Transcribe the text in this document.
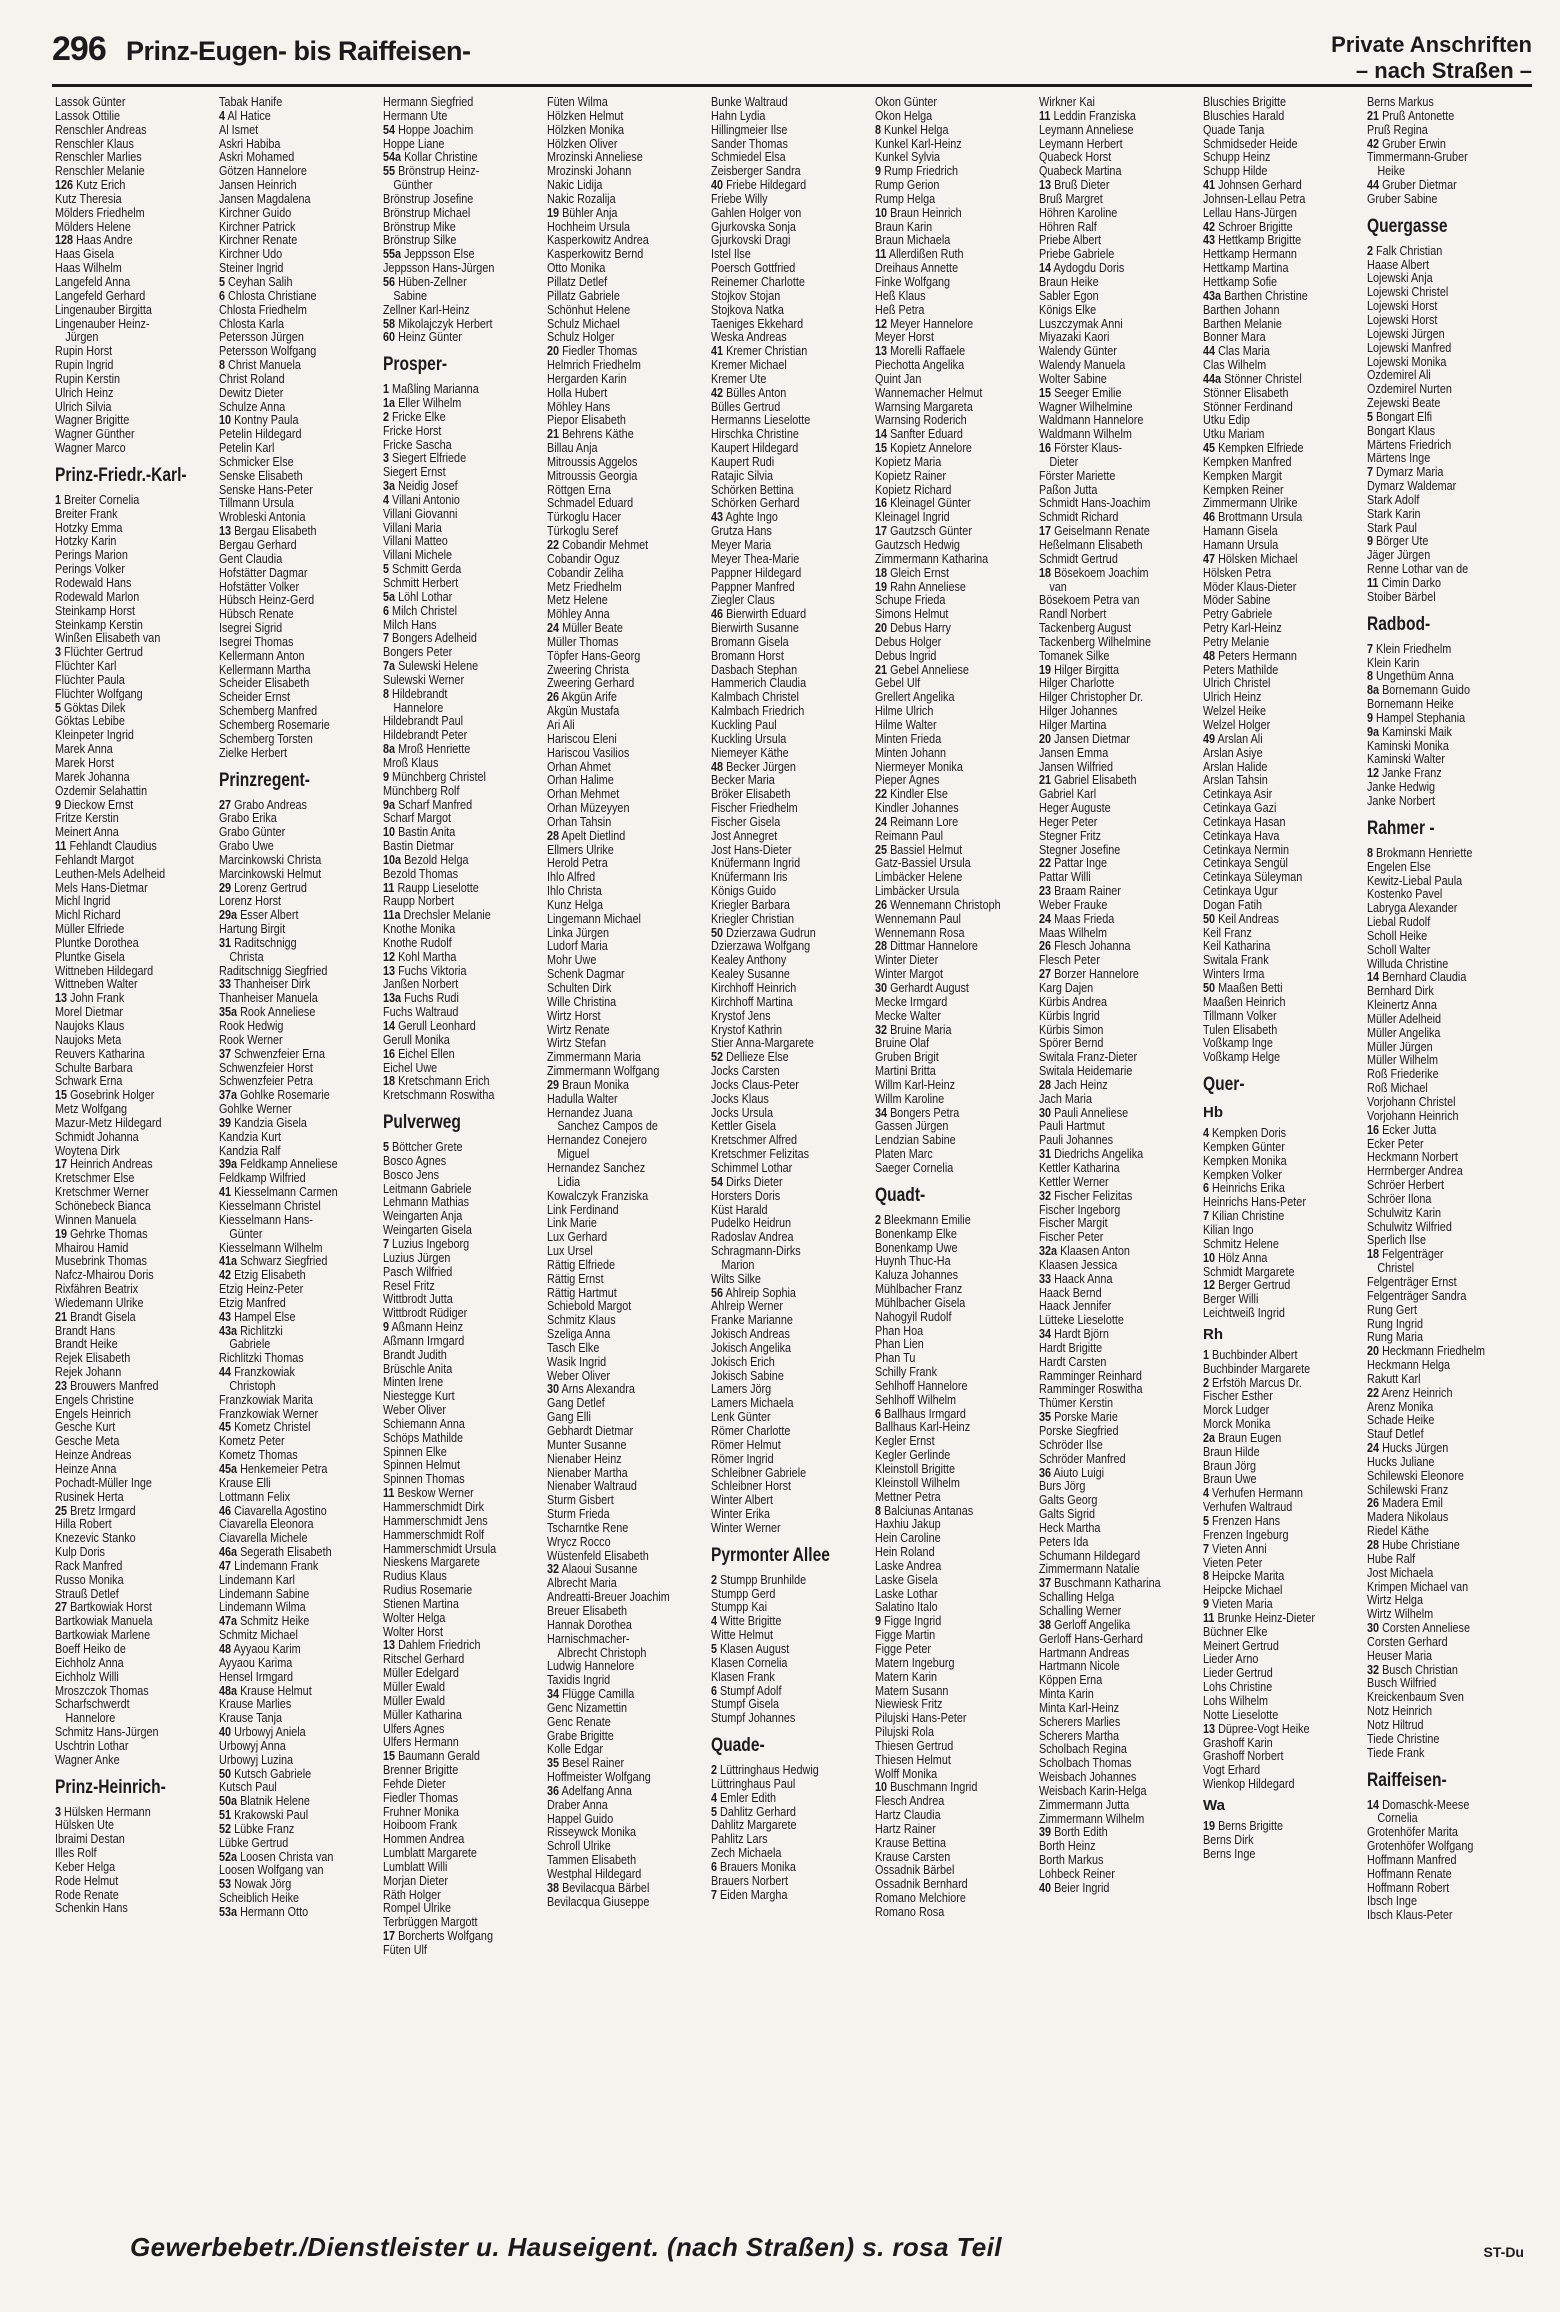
296 Prinz-Eugen- bis Raiffeisen-	Private Anschriften
– nach Straßen –
Lassok Günter
Lassok Ottilie
Renschler Andreas
Renschler Klaus
Renschler Marlies
Renschler Melanie
126 Kutz Erich
Kutz Theresia
Mölders Friedhelm
Mölders Helene
128 Haas Andre
Haas Gisela
Haas Wilhelm
Langefeld Anna
Langefeld Gerhard
Lingenauber Birgitta
Lingenauber Heinz-
Jürgen
Rupin Horst
Rupin Ingrid
Rupin Kerstin
Ulrich Heinz
Ulrich Silvia
Wagner Brigitte
Wagner Günther
Wagner Marco
Prinz-Friedr.-Karl-
1 Breiter Cornelia
Breiter Frank
Hotzky Emma
Hotzky Karin
Perings Marion
Perings Volker
Rodewald Hans
Rodewald Marlon
Steinkamp Horst
Steinkamp Kerstin
Winßen Elisabeth van
3 Flüchter Gertrud
Flüchter Karl
Flüchter Paula
Flüchter Wolfgang
5 Göktas Dilek
Göktas Lebibe
Kleinpeter Ingrid
Marek Anna
Marek Horst
Marek Johanna
Özdemir Selahattin
9 Dieckow Ernst
Fritze Kerstin
Meinert Anna
11 Fehlandt Claudius
Fehlandt Margot
Leuthen-Mels Adelheid
Mels Hans-Dietmar
Michl Ingrid
Michl Richard
Müller Elfriede
Pluntke Dorothea
Pluntke Gisela
Wittneben Hildegard
Wittneben Walter
13 John Frank
Morel Dietmar
Naujoks Klaus
Naujoks Meta
Reuvers Katharina
Schulte Barbara
Schwark Erna
15 Gosebrink Holger
Metz Wolfgang
Mazur-Metz Hildegard
Schmidt Johanna
Woytena Dirk
17 Heinrich Andreas
Kretschmer Else
Kretschmer Werner
Schönebeck Bianca
Winnen Manuela
19 Gehrke Thomas
Mhairou Hamid
Musebrink Thomas
Nafcz-Mhairou Doris
Rixfähren Beatrix
Wiedemann Ulrike
21 Brandt Gisela
Brandt Hans
Brandt Heike
Rejek Elisabeth
Rejek Johann
23 Brouwers Manfred
Engels Christine
Engels Heinrich
Gesche Kurt
Gesche Meta
Heinze Andreas
Heinze Anna
Pochadt-Müller Inge
Rusinek Herta
25 Bretz Irmgard
Hilla Robert
Knezevic Stanko
Kulp Doris
Rack Manfred
Russo Monika
Strauß Detlef
27 Bartkowiak Horst
Bartkowiak Manuela
Bartkowiak Marlene
Boeff Heiko de
Eichholz Anna
Eichholz Willi
Mroszczok Thomas
Scharfschwerdt
Hannelore
Schmitz Hans-Jürgen
Uschtrin Lothar
Wagner Anke
Prinz-Heinrich-
3 Hülsken Hermann
Hülsken Ute
Ibraimi Destan
Illes Rolf
Keber Helga
Rode Helmut
Rode Renate
Schenkin Hans
Tabak Hanife
4 Al Hatice
Al Ismet
Askri Habiba
Askri Mohamed
Götzen Hannelore
Jansen Heinrich
Jansen Magdalena
Kirchner Guido
Kirchner Patrick
Kirchner Renate
Kirchner Udo
Steiner Ingrid
5 Ceyhan Salih
6 Chlosta Christiane
Chlosta Friedhelm
Chlosta Karla
Petersson Jürgen
Petersson Wolfgang
8 Christ Manuela
Christ Roland
Dewitz Dieter
Schulze Anna
10 Kontny Paula
Petelin Hildegard
Petelin Karl
Schmicker Else
Senske Elisabeth
Senske Hans-Peter
Tillmann Ursula
Wrobleski Antonia
13 Bergau Elisabeth
Bergau Gerhard
Gent Claudia
Hofstätter Dagmar
Hofstätter Volker
Hübsch Heinz-Gerd
Hübsch Renate
Isegrei Sigrid
Isegrei Thomas
Kellermann Anton
Kellermann Martha
Scheider Elisabeth
Scheider Ernst
Schemberg Manfred
Schemberg Rosemarie
Schemberg Torsten
Zielke Herbert
Prinzregent-
27 Grabo Andreas
Grabo Erika
Grabo Günter
Grabo Uwe
Marcinkowski Christa
Marcinkowski Helmut
29 Lorenz Gertrud
Lorenz Horst
29a Esser Albert
Hartung Birgit
31 Raditschnigg
Christa
Raditschnigg Siegfried
33 Thanheiser Dirk
Thanheiser Manuela
35a Rook Anneliese
Rook Hedwig
Rook Werner
37 Schwenzfeier Erna
Schwenzfeier Horst
Schwenzfeier Petra
37a Gohlke Rosemarie
Gohlke Werner
39 Kandzia Gisela
Kandzia Kurt
Kandzia Ralf
39a Feldkamp Anneliese
Feldkamp Wilfried
41 Kiesselmann Carmen
Kiesselmann Christel
Kiesselmann Hans-
Günter
Kiesselmann Wilhelm
41a Schwarz Siegfried
42 Etzig Elisabeth
Etzig Heinz-Peter
Etzig Manfred
43 Hampel Else
43a Richlitzki
Gabriele
Richlitzki Thomas
44 Franzkowiak
Christoph
Franzkowiak Marita
Franzkowiak Werner
45 Kometz Christel
Kometz Peter
Kometz Thomas
45a Henkemeier Petra
Krause Elli
Lottmann Felix
46 Ciavarella Agostino
Ciavarella Eleonora
Ciavarella Michele
46a Segerath Elisabeth
47 Lindemann Frank
Lindemann Karl
Lindemann Sabine
Lindemann Wilma
47a Schmitz Heike
Schmitz Michael
48 Ayyaou Karim
Ayyaou Karima
Hensel Irmgard
48a Krause Helmut
Krause Marlies
Krause Tanja
40 Urbowyj Aniela
Urbowyj Anna
Urbowyj Luzina
50 Kutsch Gabriele
Kutsch Paul
50a Blatnik Helene
51 Krakowski Paul
52 Lübke Franz
Lübke Gertrud
52a Loosen Christa van
Loosen Wolfgang van
53 Nowak Jörg
Scheiblich Heike
53a Hermann Otto
Hermann Siegfried
Hermann Ute
54 Hoppe Joachim
Hoppe Liane
54a Kollar Christine
55 Brönstrup Heinz-
Günther
Brönstrup Josefine
Brönstrup Michael
Brönstrup Mike
Brönstrup Silke
55a Jeppsson Else
Jeppsson Hans-Jürgen
56 Hüben-Zellner
Sabine
Zellner Karl-Heinz
58 Mikolajczyk Herbert
60 Heinz Günter
Prosper-
1 Maßling Marianna
1a Eller Wilhelm
2 Fricke Elke
Fricke Horst
Fricke Sascha
3 Siegert Elfriede
Siegert Ernst
3a Neidig Josef
4 Villani Antonio
Villani Giovanni
Villani Maria
Villani Matteo
Villani Michele
5 Schmitt Gerda
Schmitt Herbert
5a Löhl Lothar
6 Milch Christel
Milch Hans
7 Bongers Adelheid
Bongers Peter
7a Sulewski Helene
Sulewski Werner
8 Hildebrandt
Hannelore
Hildebrandt Paul
Hildebrandt Peter
8a Mroß Henriette
Mroß Klaus
9 Münchberg Christel
Münchberg Rolf
9a Scharf Manfred
Scharf Margot
10 Bastin Anita
Bastin Dietmar
10a Bezold Helga
Bezold Thomas
11 Raupp Lieselotte
Raupp Norbert
11a Drechsler Melanie
Knothe Monika
Knothe Rudolf
12 Kohl Martha
13 Fuchs Viktoria
Janßen Norbert
13a Fuchs Rudi
Fuchs Waltraud
14 Gerull Leonhard
Gerull Monika
16 Eichel Ellen
Eichel Uwe
18 Kretschmann Erich
Kretschmann Roswitha
Pulverweg
5 Böttcher Grete
Bosco Agnes
Bosco Jens
Leitmann Gabriele
Lehmann Mathias
Weingarten Anja
Weingarten Gisela
7 Luzius Ingeborg
Luzius Jürgen
Pasch Wilfried
Resel Fritz
Wittbrodt Jutta
Wittbrodt Rüdiger
9 Aßmann Heinz
Aßmann Irmgard
Brandt Judith
Brüschle Anita
Minten Irene
Niestegge Kurt
Weber Oliver
Schiemann Anna
Schöps Mathilde
Spinnen Elke
Spinnen Helmut
Spinnen Thomas
11 Beskow Werner
Hammerschmidt Dirk
Hammerschmidt Jens
Hammerschmidt Rolf
Hammerschmidt Ursula
Nieskens Margarete
Rudius Klaus
Rudius Rosemarie
Stienen Martina
Wolter Helga
Wolter Horst
13 Dahlem Friedrich
Ritschel Gerhard
Müller Edelgard
Müller Ewald
Müller Ewald
Müller Katharina
Ulfers Agnes
Ulfers Hermann
15 Baumann Gerald
Brenner Brigitte
Fehde Dieter
Fiedler Thomas
Fruhner Monika
Hoiboom Frank
Hommen Andrea
Lumblatt Margarete
Lumblatt Willi
Morjan Dieter
Räth Holger
Rompel Ulrike
Terbrüggen Margott
17 Borcherts Wolfgang
Füten Ulf
Füten Wilma
Hölzken Helmut
Hölzken Monika
Hölzken Oliver
Mrozinski Anneliese
Mrozinski Johann
Nakic Lidija
Nakic Rozalija
19 Bühler Anja
Hochheim Ursula
Kasperkowitz Andrea
Kasperkowitz Bernd
Otto Monika
Pillatz Detlef
Pillatz Gabriele
Schönhut Helene
Schulz Michael
Schulz Holger
20 Fiedler Thomas
Helmrich Friedhelm
Hergarden Karin
Holla Hubert
Möhley Hans
Piepor Elisabeth
21 Behrens Käthe
Billau Anja
Mitroussis Aggelos
Mitroussis Georgia
Röttgen Erna
Schmadel Eduard
Türkoglu Hacer
Türkoglu Seref
22 Cobandir Mehmet
Cobandir Oguz
Cobandir Zeliha
Metz Friedhelm
Metz Helene
Möhley Anna
24 Müller Beate
Müller Thomas
Töpfer Hans-Georg
Zweering Christa
Zweering Gerhard
26 Akgün Arife
Akgün Mustafa
Ari Ali
Hariscou Eleni
Hariscou Vasilios
Orhan Ahmet
Orhan Halime
Orhan Mehmet
Orhan Müzeyyen
Orhan Tahsin
28 Apelt Dietlind
Ellmers Ulrike
Herold Petra
Ihlo Alfred
Ihlo Christa
Kunz Helga
Lingemann Michael
Linka Jürgen
Ludorf Maria
Mohr Uwe
Schenk Dagmar
Schulten Dirk
Wille Christina
Wirtz Horst
Wirtz Renate
Wirtz Stefan
Zimmermann Maria
Zimmermann Wolfgang
29 Braun Monika
Hadulla Walter
Hernandez Juana
Sanchez Campos de
Hernandez Conejero
Miguel
Hernandez Sanchez
Lidia
Kowalczyk Franziska
Link Ferdinand
Link Marie
Lux Gerhard
Lux Ursel
Rättig Elfriede
Rättig Ernst
Rättig Hartmut
Schiebold Margot
Schmitz Klaus
Szeliga Anna
Tasch Elke
Wasik Ingrid
Weber Oliver
30 Arns Alexandra
Gang Detlef
Gang Elli
Gebhardt Dietmar
Munter Susanne
Nienaber Heinz
Nienaber Martha
Nienaber Waltraud
Sturm Gisbert
Sturm Frieda
Tscharntke Rene
Wrycz Rocco
Wüstenfeld Elisabeth
32 Alaoui Susanne
Albrecht Maria
Andreatti-Breuer Joachim
Breuer Elisabeth
Hannak Dorothea
Harnischmacher-
Albrecht Christoph
Ludwig Hannelore
Taxidis Ingrid
34 Flügge Camilla
Genc Nizamettin
Genc Renate
Grabe Brigitte
Kolle Edgar
35 Besel Rainer
Hoffmeister Wolfgang
36 Adelfang Anna
Draber Anna
Happel Guido
Risseywck Monika
Schroll Ulrike
Tammen Elisabeth
Westphal Hildegard
38 Bevilacqua Bärbel
Bevilacqua Giuseppe
Bunke Waltraud
Hahn Lydia
Hillingmeier Ilse
Sander Thomas
Schmiedel Elsa
Zeisberger Sandra
40 Friebe Hildegard
Friebe Willy
Gahlen Holger von
Gjurkovska Sonja
Gjurkovski Dragi
Istel Ilse
Poersch Gottfried
Reinemer Charlotte
Stojkov Stojan
Stojkova Natka
Taeniges Ekkehard
Weska Andreas
41 Kremer Christian
Kremer Michael
Kremer Ute
42 Bülles Anton
Bülles Gertrud
Hermanns Lieselotte
Hirschka Christine
Kaupert Hildegard
Kaupert Rudi
Ratajic Silvia
Schörken Bettina
Schörken Gerhard
43 Aghte Ingo
Grutza Hans
Meyer Maria
Meyer Thea-Marie
Pappner Hildegard
Pappner Manfred
Ziegler Claus
46 Bierwirth Eduard
Bierwirth Susanne
Bromann Gisela
Bromann Horst
Dasbach Stephan
Hammerich Claudia
Kalmbach Christel
Kalmbach Friedrich
Kuckling Paul
Kuckling Ursula
Niemeyer Käthe
48 Becker Jürgen
Becker Maria
Bröker Elisabeth
Fischer Friedhelm
Fischer Gisela
Jost Annegret
Jost Hans-Dieter
Knüfermann Ingrid
Knüfermann Iris
Königs Guido
Kriegler Barbara
Kriegler Christian
50 Dzierzawa Gudrun
Dzierzawa Wolfgang
Kealey Anthony
Kealey Susanne
Kirchhoff Heinrich
Kirchhoff Martina
Krystof Jens
Krystof Kathrin
Stier Anna-Margarete
52 Dellieze Else
Jocks Carsten
Jocks Claus-Peter
Jocks Klaus
Jocks Ursula
Kettler Gisela
Kretschmer Alfred
Kretschmer Felizitas
Schimmel Lothar
54 Dirks Dieter
Horsters Doris
Küst Harald
Pudelko Heidrun
Radoslav Andrea
Schragmann-Dirks
Marion
Wilts Silke
56 Ahlreip Sophia
Ahlreip Werner
Franke Marianne
Jokisch Andreas
Jokisch Angelika
Jokisch Erich
Jokisch Sabine
Lamers Jörg
Lamers Michaela
Lenk Günter
Römer Charlotte
Römer Helmut
Römer Ingrid
Schleibner Gabriele
Schleibner Horst
Winter Albert
Winter Erika
Winter Werner
Pyrmonter Allee
2 Stumpp Brunhilde
Stumpp Gerd
Stumpp Kai
4 Witte Brigitte
Witte Helmut
5 Klasen August
Klasen Cornelia
Klasen Frank
6 Stumpf Adolf
Stumpf Gisela
Stumpf Johannes
Quade-
2 Lüttringhaus Hedwig
Lüttringhaus Paul
4 Emler Edith
5 Dahlitz Gerhard
Dahlitz Margarete
Pahlitz Lars
Zech Michaela
6 Brauers Monika
Brauers Norbert
7 Eiden Margha
Okon Günter
Okon Helga
8 Kunkel Helga
Kunkel Karl-Heinz
Kunkel Sylvia
9 Rump Friedrich
Rump Gerion
Rump Helga
10 Braun Heinrich
Braun Karin
Braun Michaela
11 Allerdißen Ruth
Dreihaus Annette
Finke Wolfgang
Heß Klaus
Heß Petra
12 Meyer Hannelore
Meyer Horst
13 Morelli Raffaele
Piechotta Angelika
Quint Jan
Wannemacher Helmut
Warnsing Margareta
Warnsing Roderich
14 Sanfter Eduard
15 Kopietz Annelore
Kopietz Maria
Kopietz Rainer
Kopietz Richard
16 Kleinagel Günter
Kleinagel Ingrid
17 Gautzsch Günter
Gautzsch Hedwig
Zimmermann Katharina
18 Gleich Ernst
19 Rahn Anneliese
Schupe Frieda
Simons Helmut
20 Debus Harry
Debus Holger
Debus Ingrid
21 Gebel Anneliese
Gebel Ulf
Grellert Angelika
Hilme Ulrich
Hilme Walter
Minten Frieda
Minten Johann
Niermeyer Monika
Pieper Agnes
22 Kindler Else
Kindler Johannes
24 Reimann Lore
Reimann Paul
25 Bassiel Helmut
Gatz-Bassiel Ursula
Limbäcker Helene
Limbäcker Ursula
26 Wennemann Christoph
Wennemann Paul
Wennemann Rosa
28 Dittmar Hannelore
Winter Dieter
Winter Margot
30 Gerhardt August
Mecke Irmgard
Mecke Walter
32 Bruine Maria
Bruine Olaf
Gruben Brigit
Martini Britta
Willm Karl-Heinz
Willm Karoline
34 Bongers Petra
Gassen Jürgen
Lendzian Sabine
Platen Marc
Saeger Cornelia
Quadt-
2 Bleekmann Emilie
Bonenkamp Elke
Bonenkamp Uwe
Huynh Thuc-Ha
Kaluza Johannes
Mühlbacher Franz
Mühlbacher Gisela
Nahogyil Rudolf
Phan Hoa
Phan Lien
Phan Tu
Schilly Frank
Sehlhoff Hannelore
Sehlhoff Wilhelm
6 Ballhaus Irmgard
Ballhaus Karl-Heinz
Kegler Ernst
Kegler Gerlinde
Kleinstoll Brigitte
Kleinstoll Wilhelm
Mettner Petra
8 Balciunas Antanas
Haxhiu Jakup
Hein Caroline
Hein Roland
Laske Andrea
Laske Gisela
Laske Lothar
Salatino Italo
9 Figge Ingrid
Figge Martin
Figge Peter
Matern Ingeburg
Matern Karin
Matern Susann
Niewiesk Fritz
Pilujski Hans-Peter
Pilujski Rola
Thiesen Gertrud
Thiesen Helmut
Wolff Monika
10 Buschmann Ingrid
Flesch Andrea
Hartz Claudia
Hartz Rainer
Krause Bettina
Krause Carsten
Ossadnik Bärbel
Ossadnik Bernhard
Romano Melchiore
Romano Rosa
Wirkner Kai
11 Leddin Franziska
Leymann Anneliese
Leymann Herbert
Quabeck Horst
Quabeck Martina
13 Bruß Dieter
Bruß Margret
Höhren Karoline
Höhren Ralf
Priebe Albert
Priebe Gabriele
14 Aydogdu Doris
Braun Heike
Sabler Egon
Königs Elke
Luszczymak Anni
Miyazaki Kaori
Walendy Günter
Walendy Manuela
Wolter Sabine
15 Seeger Emilie
Wagner Wilhelmine
Waldmann Hannelore
Waldmann Wilhelm
16 Förster Klaus-
Dieter
Förster Mariette
Paßon Jutta
Schmidt Hans-Joachim
Schmidt Richard
17 Geiselmann Renate
Heßelmann Elisabeth
Schmidt Gertrud
18 Bösekoem Joachim
van
Bösekoem Petra van
Randl Norbert
Tackenberg August
Tackenberg Wilhelmine
Tomanek Silke
19 Hilger Birgitta
Hilger Charlotte
Hilger Christopher Dr.
Hilger Johannes
Hilger Martina
20 Jansen Dietmar
Jansen Emma
Jansen Wilfried
21 Gabriel Elisabeth
Gabriel Karl
Heger Auguste
Heger Peter
Stegner Fritz
Stegner Josefine
22 Pattar Inge
Pattar Willi
23 Braam Rainer
Weber Frauke
24 Maas Frieda
Maas Wilhelm
26 Flesch Johanna
Flesch Peter
27 Borzer Hannelore
Karg Dajen
Kürbis Andrea
Kürbis Ingrid
Kürbis Simon
Spörer Bernd
Switala Franz-Dieter
Switala Heidemarie
28 Jach Heinz
Jach Maria
30 Pauli Anneliese
Pauli Hartmut
Pauli Johannes
31 Diedrichs Angelika
Kettler Katharina
Kettler Werner
32 Fischer Felizitas
Fischer Ingeborg
Fischer Margit
Fischer Peter
32a Klaasen Anton
Klaasen Jessica
33 Haack Anna
Haack Bernd
Haack Jennifer
Lütteke Lieselotte
34 Hardt Björn
Hardt Brigitte
Hardt Carsten
Ramminger Reinhard
Ramminger Roswitha
Thümer Kerstin
35 Porske Marie
Porske Siegfried
Schröder Ilse
Schröder Manfred
36 Aiuto Luigi
Burs Jörg
Galts Georg
Galts Sigrid
Heck Martha
Peters Ida
Schumann Hildegard
Zimmermann Natalie
37 Buschmann Katharina
Schalling Helga
Schalling Werner
38 Gerloff Angelika
Gerloff Hans-Gerhard
Hartmann Andreas
Hartmann Nicole
Köppen Erna
Minta Karin
Minta Karl-Heinz
Scherers Marlies
Scherers Martha
Scholbach Regina
Scholbach Thomas
Weisbach Johannes
Weisbach Karin-Helga
Zimmermann Jutta
Zimmermann Wilhelm
39 Borth Edith
Borth Heinz
Borth Markus
Lohbeck Reiner
40 Beier Ingrid
Bluschies Brigitte
Bluschies Harald
Quade Tanja
Schmidseder Heide
Schupp Heinz
Schupp Hilde
41 Johnsen Gerhard
Johnsen-Lellau Petra
Lellau Hans-Jürgen
42 Schroer Brigitte
43 Hettkamp Brigitte
Hettkamp Hermann
Hettkamp Martina
Hettkamp Sofie
43a Barthen Christine
Barthen Johann
Barthen Melanie
Bonner Mara
44 Clas Maria
Clas Wilhelm
44a Stönner Christel
Stönner Elisabeth
Stönner Ferdinand
Utku Edip
Utku Mariam
45 Kempken Elfriede
Kempken Manfred
Kempken Margit
Kempken Reiner
Zimmermann Ulrike
46 Brottmann Ursula
Hamann Gisela
Hamann Ursula
47 Hölsken Michael
Hölsken Petra
Möder Klaus-Dieter
Möder Sabine
Petry Gabriele
Petry Karl-Heinz
Petry Melanie
48 Peters Hermann
Peters Mathilde
Ulrich Christel
Ulrich Heinz
Welzel Heike
Welzel Holger
49 Arslan Ali
Arslan Asiye
Arslan Halide
Arslan Tahsin
Cetinkaya Asir
Cetinkaya Gazi
Cetinkaya Hasan
Cetinkaya Hava
Cetinkaya Nermin
Cetinkaya Sengül
Cetinkaya Süleyman
Cetinkaya Ugur
Dogan Fatih
50 Keil Andreas
Keil Franz
Keil Katharina
Switala Frank
Winters Irma
50 Maaßen Betti
Maaßen Heinrich
Tillmann Volker
Tulen Elisabeth
Voßkamp Inge
Voßkamp Helge
Quer-
Hb
4 Kempken Doris
Kempken Günter
Kempken Monika
Kempken Volker
6 Heinrichs Erika
Heinrichs Hans-Peter
7 Kilian Christine
Kilian Ingo
Schmitz Helene
10 Hölz Anna
Schmidt Margarete
12 Berger Gertrud
Berger Willi
Leichtweiß Ingrid
Rh
1 Buchbinder Albert
Buchbinder Margarete
2 Erfstöh Marcus Dr.
Fischer Esther
Morck Ludger
Morck Monika
2a Braun Eugen
Braun Hilde
Braun Jörg
Braun Uwe
4 Verhufen Hermann
Verhufen Waltraud
5 Frenzen Hans
Frenzen Ingeburg
7 Vieten Anni
Vieten Peter
8 Heipcke Marita
Heipcke Michael
9 Vieten Maria
11 Brunke Heinz-Dieter
Büchner Elke
Meinert Gertrud
Lieder Arno
Lieder Gertrud
Lohs Christine
Lohs Wilhelm
Notte Lieselotte
13 Düpree-Vogt Heike
Grashoff Karin
Grashoff Norbert
Vogt Erhard
Wienkop Hildegard
Wa
19 Berns Brigitte
Berns Dirk
Berns Inge
Berns Markus
21 Pruß Antonette
Pruß Regina
42 Gruber Erwin
Timmermann-Gruber
Heike
44 Gruber Dietmar
Gruber Sabine
Quergasse
2 Falk Christian
Haase Albert
Lojewski Anja
Lojewski Christel
Lojewski Horst
Lojewski Horst
Lojewski Jürgen
Lojewski Manfred
Lojewski Monika
Özdemirel Ali
Özdemirel Nurten
Zejewski Beate
5 Bongart Elfi
Bongart Klaus
Märtens Friedrich
Märtens Inge
7 Dymarz Maria
Dymarz Waldemar
Stark Adolf
Stark Karin
Stark Paul
9 Börger Ute
Jäger Jürgen
Renne Lothar van de
11 Cimin Darko
Stoiber Bärbel
Radbod-
7 Klein Friedhelm
Klein Karin
8 Ungethüm Anna
8a Bornemann Guido
Bornemann Heike
9 Hampel Stephania
9a Kaminski Maik
Kaminski Monika
Kaminski Walter
12 Janke Franz
Janke Hedwig
Janke Norbert
Rahmer -
8 Brokmann Henriette
Engelen Else
Kewitz-Liebal Paula
Kostenko Pavel
Labryga Alexander
Liebal Rudolf
Scholl Heike
Scholl Walter
Willuda Christine
14 Bernhard Claudia
Bernhard Dirk
Kleinertz Anna
Müller Adelheid
Müller Angelika
Müller Jürgen
Müller Wilhelm
Roß Friederike
Roß Michael
Vorjohann Christel
Vorjohann Heinrich
16 Ecker Jutta
Ecker Peter
Heckmann Norbert
Herrnberger Andrea
Schröer Herbert
Schröer Ilona
Schulwitz Karin
Schulwitz Wilfried
Sperlich Ilse
18 Felgenträger
Christel
Felgenträger Ernst
Felgenträger Sandra
Rung Gert
Rung Ingrid
Rung Maria
20 Heckmann Friedhelm
Heckmann Helga
Rakutt Karl
22 Arenz Heinrich
Arenz Monika
Schade Heike
Stauf Detlef
24 Hucks Jürgen
Hucks Juliane
Schilewski Eleonore
Schilewski Franz
26 Madera Emil
Madera Nikolaus
Riedel Käthe
28 Hube Christiane
Hube Ralf
Jost Michaela
Krimpen Michael van
Wirtz Helga
Wirtz Wilhelm
30 Corsten Anneliese
Corsten Gerhard
Heuser Maria
32 Busch Christian
Busch Wilfried
Kreickenbaum Sven
Notz Heinrich
Notz Hiltrud
Tiede Christine
Tiede Frank
Raiffeisen-
14 Domaschk-Meese
Cornelia
Grotenhöfer Marita
Grotenhöfer Wolfgang
Hoffmann Manfred
Hoffmann Renate
Hoffmann Robert
Ibsch Inge
Ibsch Klaus-Peter
Gewerbebetr./Dienstleister u. Hauseigent. (nach Straßen) s. rosa Teil	ST-Du
